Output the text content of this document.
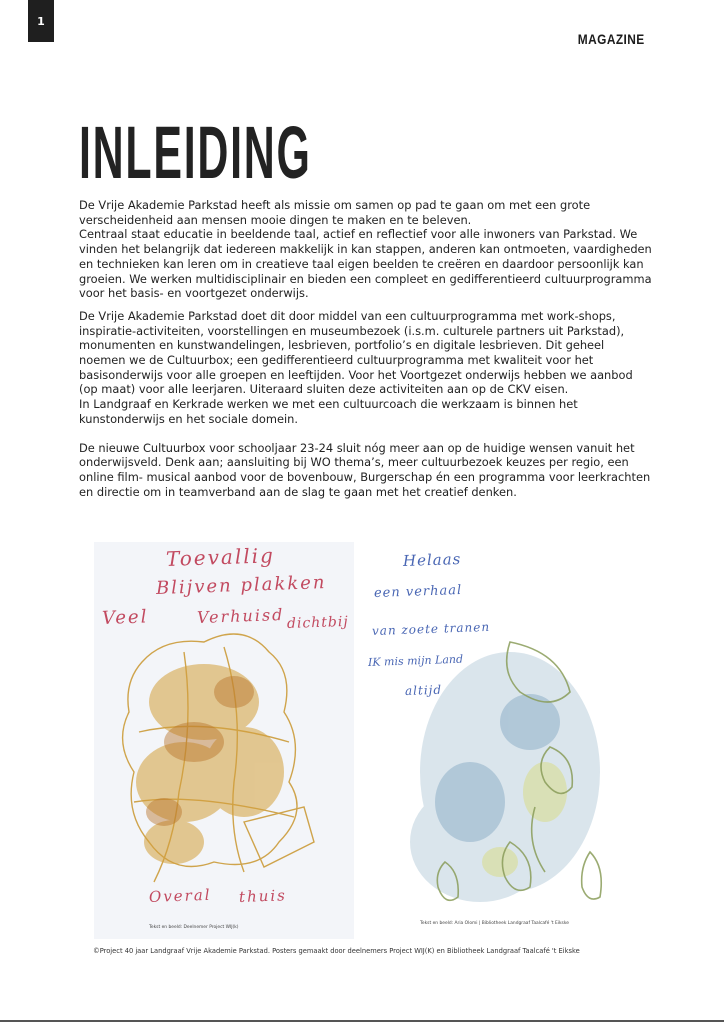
1
MAGAZINE
INLEIDING

De Vrije Akademie Parkstad heeft als missie om samen op pad te gaan om met een grote verscheidenheid aan mensen mooie dingen te maken en te beleven.

Centraal staat educatie in beeldende taal, actief en reflectief voor alle inwoners van Parkstad. We vinden het belangrijk dat iedereen makkelijk in kan stappen, anderen kan ontmoeten, vaardigheden en technieken kan leren om in creatieve taal eigen beelden te creëren en daardoor persoonlijk kan groeien. We werken multidisciplinair en bieden een compleet en gedifferentieerd cultuurprogramma voor het basis- en voortgezet onderwijs.

De Vrije Akademie Parkstad doet dit door middel van een cultuurprogramma met work-shops, inspiratie-activiteiten, voorstellingen en museumbezoek (i.s.m. culturele partners uit Parkstad), monumenten en kunstwandelingen, lesbrieven, portfolio’s en digitale lesbrieven. Dit geheel noemen we de Cultuurbox; een gedifferentieerd cultuurprogramma met kwaliteit voor het basisonderwijs voor alle groepen en leeftijden. Voor het Voortgezet onderwijs hebben we aanbod (op maat) voor alle leerjaren. Uiteraard sluiten deze activiteiten aan op de CKV eisen.

In Landgraaf en Kerkrade werken we met een cultuurcoach die werkzaam is binnen het kunstonderwijs en het sociale domein.

De nieuwe Cultuurbox voor schooljaar 23-24 sluit nóg meer aan op de huidige wensen vanuit het onderwijsveld. Denk aan; aansluiting bij WO thema’s, meer cultuurbezoek keuzes per regio, een online film- musical aanbod voor de bovenbouw, Burgerschap én een programma voor leerkrachten en directie om in teamverband aan de slag te gaan met het creatief denken.

Toevallig
Blijven plakken
Veel	Verhuisd dichtbij
Overal thuis
Tekst en beeld: Deelnemer Project WIJ(k)
Helaas
een verhaal
van zoete tranen
IK mis mijn Land
altijd
Tekst en beeld: Aria Olomi | Bibliotheek Landgraaf Taalcafé 't Eikske
©Project 40 jaar Landgraaf Vrije Akademie Parkstad. Posters gemaakt door deelnemers Project WIJ(K) en Bibliotheek Landgraaf Taalcafé 't Eikske
